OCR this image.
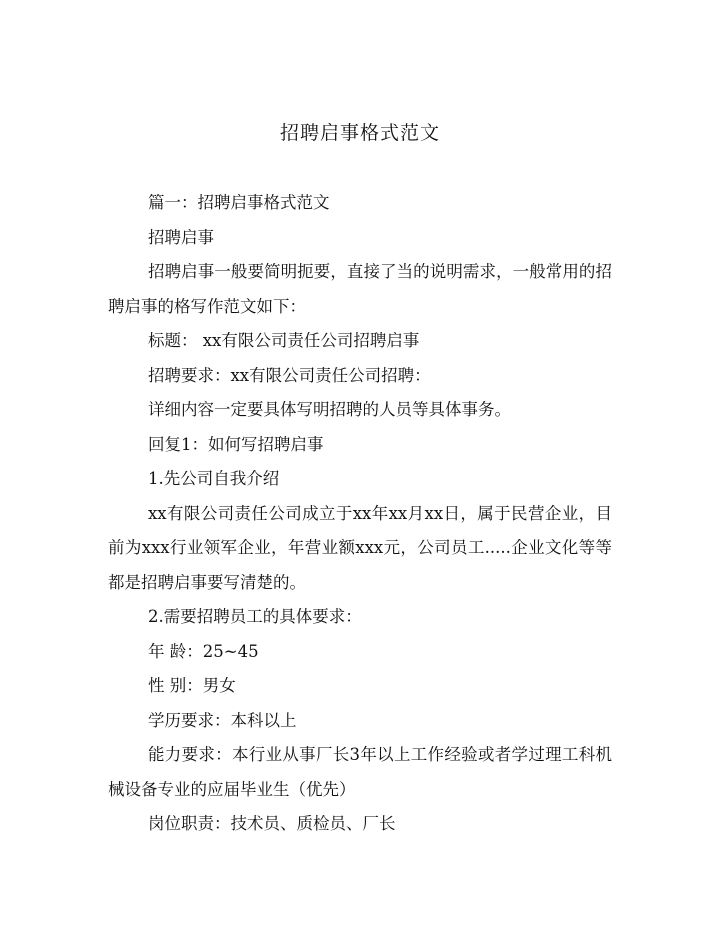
招聘启事格式范文

篇一：招聘启事格式范文

招聘启事

招聘启事一般要简明扼要，直接了当的说明需求，一般常用的招聘启事的格写作范文如下：

标题： xx有限公司责任公司招聘启事

招聘要求：xx有限公司责任公司招聘：

详细内容一定要具体写明招聘的人员等具体事务。

回复1：如何写招聘启事

1.先公司自我介绍

xx有限公司责任公司成立于xx年xx月xx日，属于民营企业，目前为xxx行业领军企业，年营业额xxx元，公司员工.....企业文化等等都是招聘启事要写清楚的。

2.需要招聘员工的具体要求：

年 龄：25~45

性 别：男女

学历要求：本科以上

能力要求：本行业从事厂长3年以上工作经验或者学过理工科机械设备专业的应届毕业生（优先）

岗位职责：技术员、质检员、厂长
